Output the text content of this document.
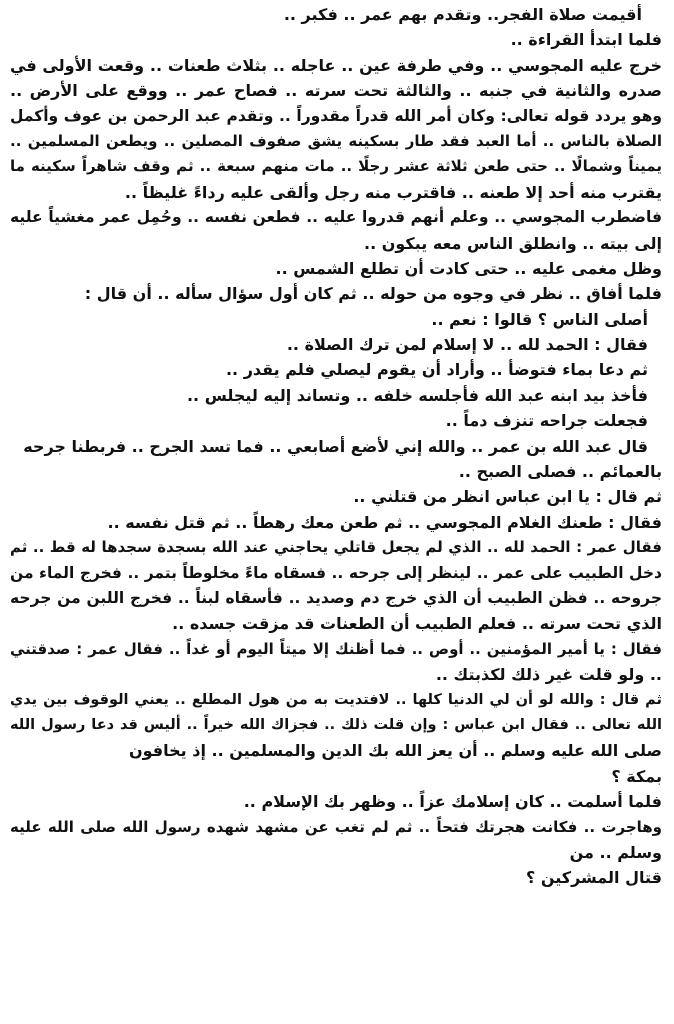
أقيمت صلاة الفجر.. وتقدم بهم عمر .. فكبر ..
فلما ابتدأ القراءة ..
خرج عليه المجوسي .. وفي طرفة عين .. عاجله .. بثلاث طعنات .. وقعت الأولى في
صدره والثانية في جنبه .. والثالثة تحت سرته .. فصاح عمر .. ووقع على الأرض ..
وهو يردد قوله تعالى: وكان أمر الله قدراً مقدوراً .. وتقدم عبد الرحمن بن عوف وأكمل
الصلاة بالناس .. أما العبد فقد طار بسكينه يشق صفوف المصلين .. ويطعن المسلمين ..
يميناً وشمالًا .. حتى طعن ثلاثة عشر رجلًا .. مات منهم سبعة .. ثم وقف شاهراً سكينه ما
يقترب منه أحد إلا طعنه .. فاقترب منه رجل وألقى عليه رداءً غليظاً ..
فاضطرب المجوسي .. وعلم أنهم قدروا عليه .. فطعن نفسه .. وحُمِل عمر مغشياً عليه
إلى بيته .. وانطلق الناس معه يبكون ..
وظل مغمى عليه .. حتى كادت أن تطلع الشمس ..
فلما أفاق .. نظر في وجوه من حوله .. ثم كان أول سؤال سأله .. أن قال :
أصلى الناس ؟ قالوا : نعم ..
فقال : الحمد لله .. لا إسلام لمن ترك الصلاة ..
ثم دعا بماء فتوضأ .. وأراد أن يقوم ليصلي فلم يقدر ..
فأخذ بيد ابنه عبد الله فأجلسه خلفه .. وتساند إليه ليجلس ..
فجعلت جراحه تنزف دماً ..
قال عبد الله بن عمر .. والله إني لأضع أصابعي .. فما تسد الجرح .. فربطنا جرحه
بالعمائم .. فصلى الصبح ..
ثم قال : يا ابن عباس انظر من قتلني ..
فقال : طعنك الغلام المجوسي .. ثم طعن معك رهطاً .. ثم قتل نفسه ..
فقال عمر : الحمد لله .. الذي لم يجعل قاتلي يحاجني عند الله بسجدة سجدها له قط .. ثم
دخل الطبيب على عمر .. لينظر إلى جرحه .. فسقاه ماءً مخلوطاً بتمر .. فخرج الماء من
جروحه .. فظن الطبيب أن الذي خرج دم وصديد .. فأسقاه لبناً .. فخرج اللبن من جرحه
الذي تحت سرته .. فعلم الطبيب أن الطعنات قد مزقت جسده ..
فقال : يا أمير المؤمنين .. أوص .. فما أظنك إلا ميتاً اليوم أو غداً .. فقال عمر : صدقتني
.. ولو قلت غير ذلك لكذبتك ..
ثم قال : والله لو أن لي الدنيا كلها .. لافتديت به من هول المطلع .. يعني الوقوف بين يدي
الله تعالى .. فقال ابن عباس : وإن قلت ذلك .. فجزاك الله خيراً .. أليس قد دعا رسول الله
صلى الله عليه وسلم .. أن يعز الله بك الدين والمسلمين .. إذ يخافون
بمكة ؟
فلما أسلمت .. كان إسلامك عزاً .. وظهر بك الإسلام ..
وهاجرت .. فكانت هجرتك فتحاً .. ثم لم تغب عن مشهد شهده رسول الله صلى الله عليه
وسلم .. من
قتال المشركين ؟
